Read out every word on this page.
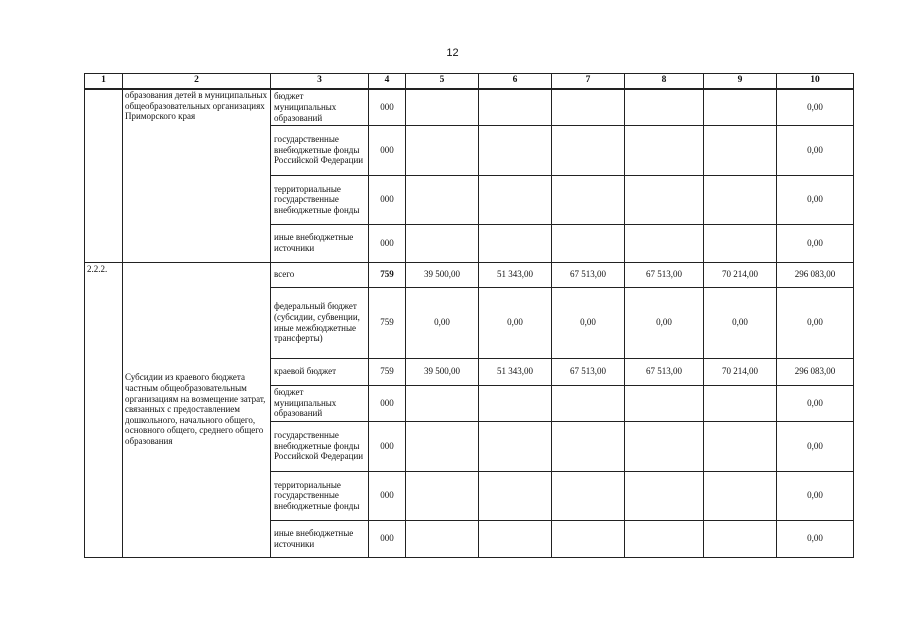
12
1	2	3	4	5	6	7	8	9	10
	образования детей в муниципальных общеобразовательных организациях Приморского края	бюджет муниципальных образований	000						0,00
		государственные внебюджетные фонды Российской Федерации	000						0,00
		территориальные государственные внебюджетные фонды	000						0,00
		иные внебюджетные источники	000						0,00
2.2.2.	Субсидии из краевого бюджета частным общеобразовательным организациям на возмещение затрат, связанных с предоставлением дошкольного, начального общего, основного общего, среднего общего образования	всего	759	39 500,00	51 343,00	67 513,00	67 513,00	70 214,00	296 083,00
		федеральный бюджет (субсидии, субвенции, иные межбюджетные трансферты)	759	0,00	0,00	0,00	0,00	0,00	0,00
		краевой бюджет	759	39 500,00	51 343,00	67 513,00	67 513,00	70 214,00	296 083,00
		бюджет муниципальных образований	000						0,00
		государственные внебюджетные фонды Российской Федерации	000						0,00
		территориальные государственные внебюджетные фонды	000						0,00
		иные внебюджетные источники	000						0,00
